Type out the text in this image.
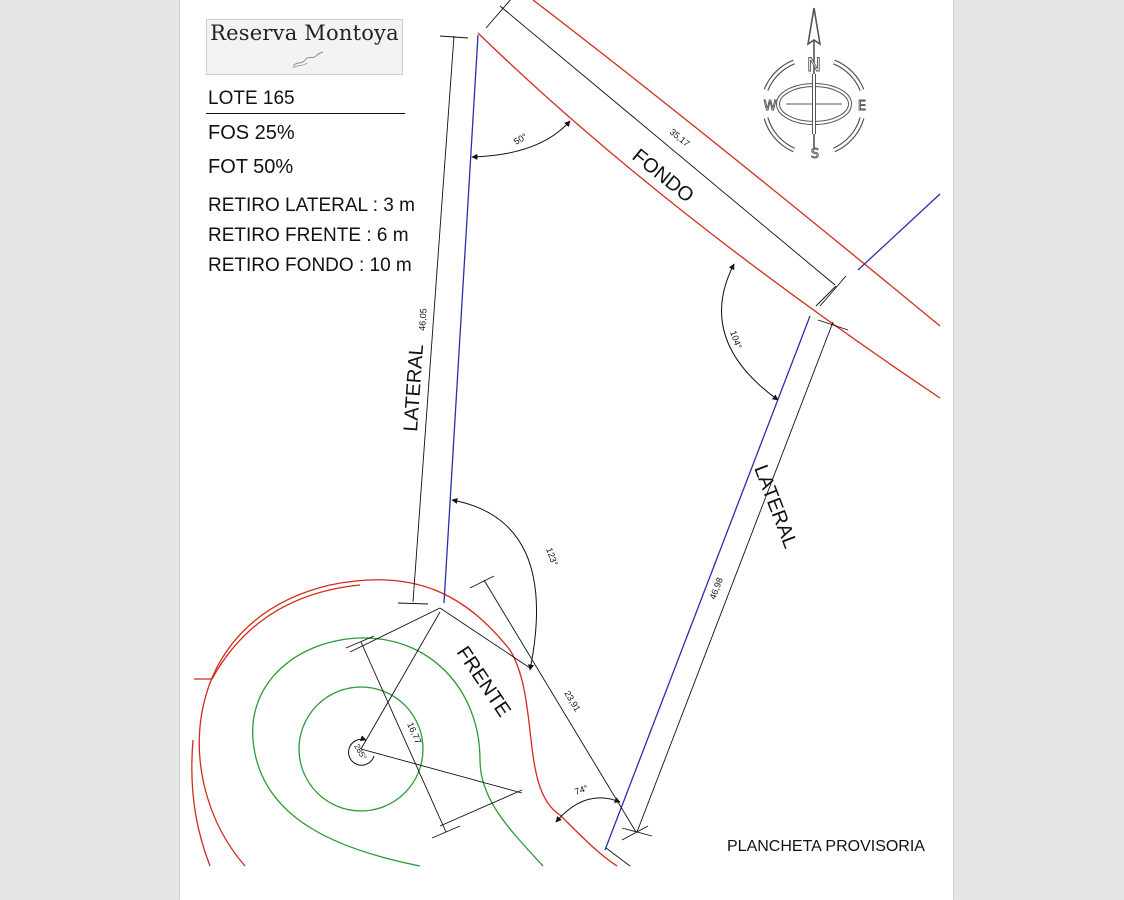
LATERAL
LATERAL
FONDO
FRENTE
46,05
46,98
35,17
23,91
16,77
50°
104°
123°
74°
285°
N
S
W	E
Reserva Montoya
LOTE 165
FOS 25%
FOT 50%
RETIRO LATERAL : 3 m
RETIRO FRENTE : 6 m
RETIRO FONDO : 10 m
PLANCHETA PROVISORIA
